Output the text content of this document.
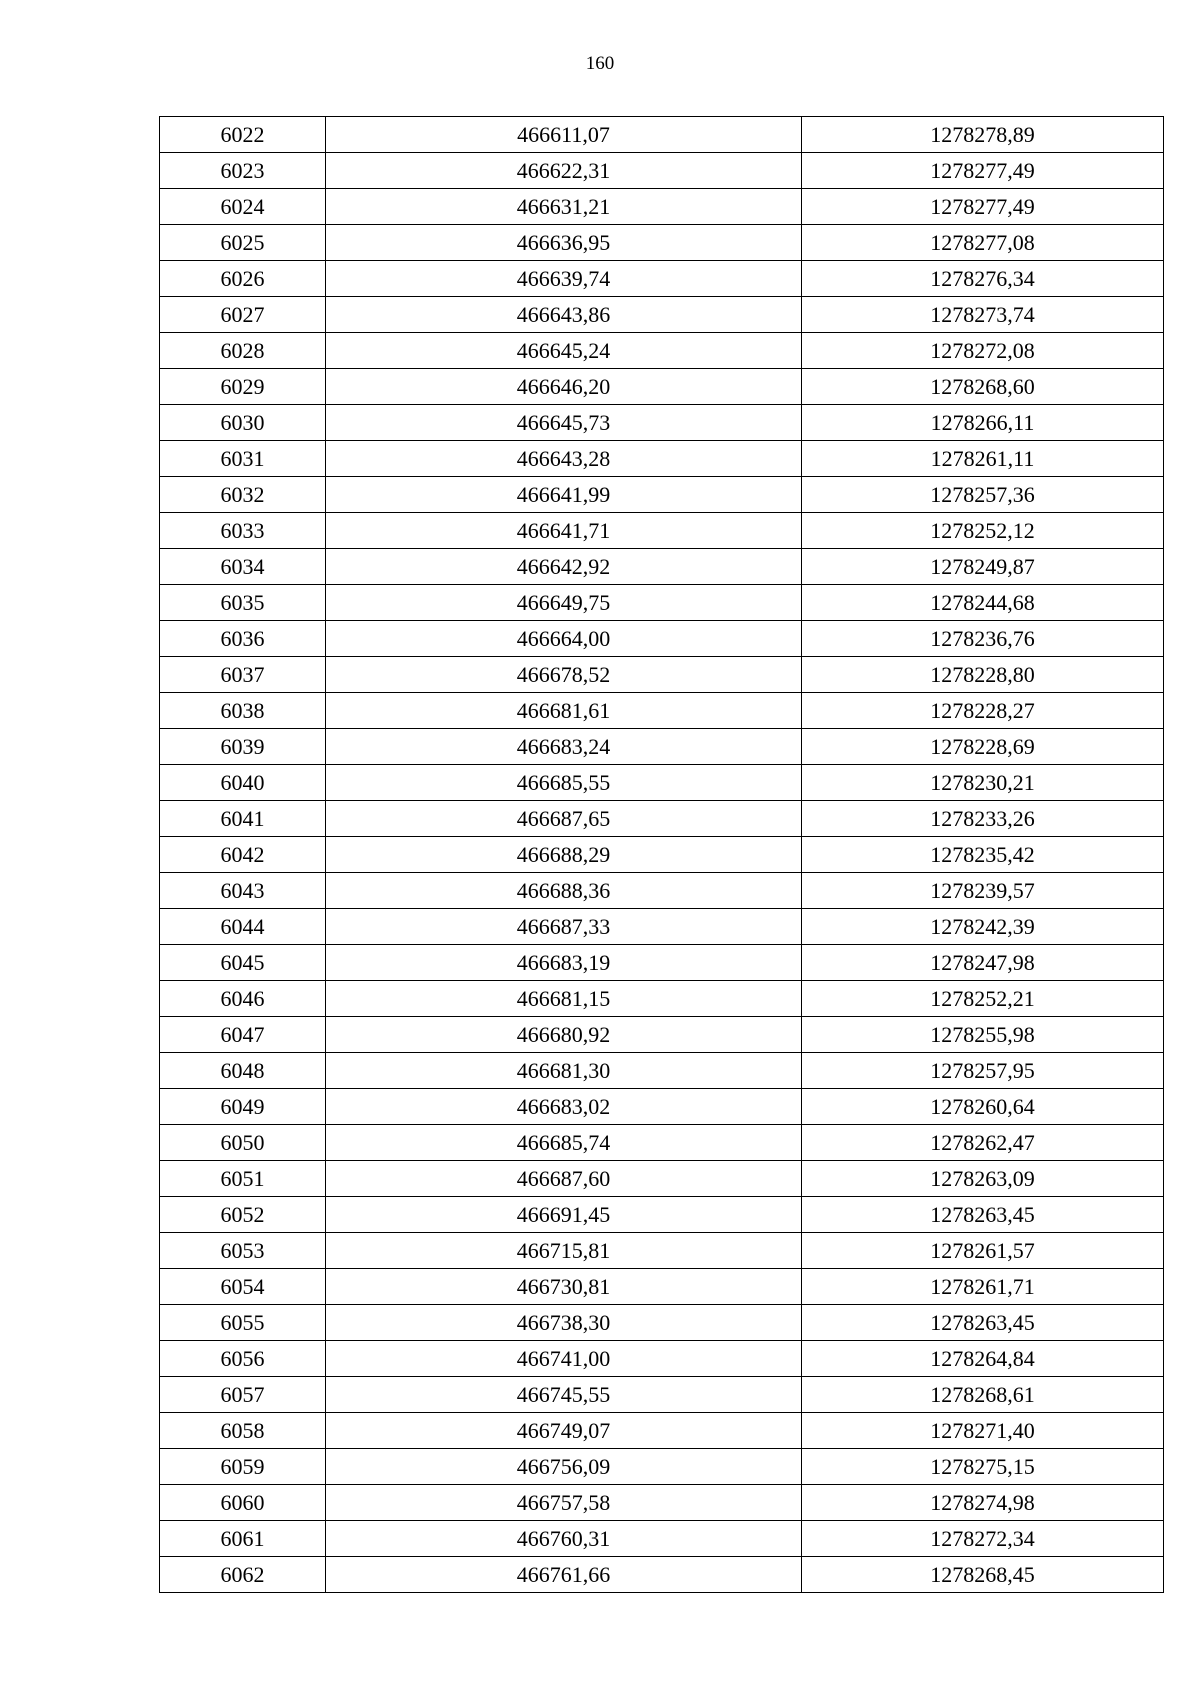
160
6022	466611,07	1278278,89
6023	466622,31	1278277,49
6024	466631,21	1278277,49
6025	466636,95	1278277,08
6026	466639,74	1278276,34
6027	466643,86	1278273,74
6028	466645,24	1278272,08
6029	466646,20	1278268,60
6030	466645,73	1278266,11
6031	466643,28	1278261,11
6032	466641,99	1278257,36
6033	466641,71	1278252,12
6034	466642,92	1278249,87
6035	466649,75	1278244,68
6036	466664,00	1278236,76
6037	466678,52	1278228,80
6038	466681,61	1278228,27
6039	466683,24	1278228,69
6040	466685,55	1278230,21
6041	466687,65	1278233,26
6042	466688,29	1278235,42
6043	466688,36	1278239,57
6044	466687,33	1278242,39
6045	466683,19	1278247,98
6046	466681,15	1278252,21
6047	466680,92	1278255,98
6048	466681,30	1278257,95
6049	466683,02	1278260,64
6050	466685,74	1278262,47
6051	466687,60	1278263,09
6052	466691,45	1278263,45
6053	466715,81	1278261,57
6054	466730,81	1278261,71
6055	466738,30	1278263,45
6056	466741,00	1278264,84
6057	466745,55	1278268,61
6058	466749,07	1278271,40
6059	466756,09	1278275,15
6060	466757,58	1278274,98
6061	466760,31	1278272,34
6062	466761,66	1278268,45
